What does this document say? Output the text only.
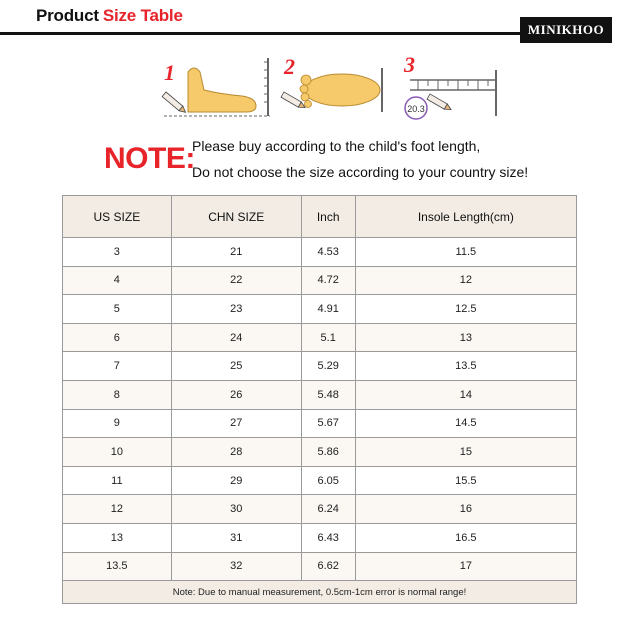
Product Size Table
MINIKHOO
1	2	3
20.3
NOTE:
Please buy according to the child's foot length,
Do not choose the size according to your country size!
US SIZE	CHN SIZE	Inch	Insole Length(cm)
3	21	4.53	11.5
4	22	4.72	12
5	23	4.91	12.5
6	24	5.1	13
7	25	5.29	13.5
8	26	5.48	14
9	27	5.67	14.5
10	28	5.86	15
11	29	6.05	15.5
12	30	6.24	16
13	31	6.43	16.5
13.5	32	6.62	17
Note: Due to manual measurement, 0.5cm-1cm error is normal range!			
